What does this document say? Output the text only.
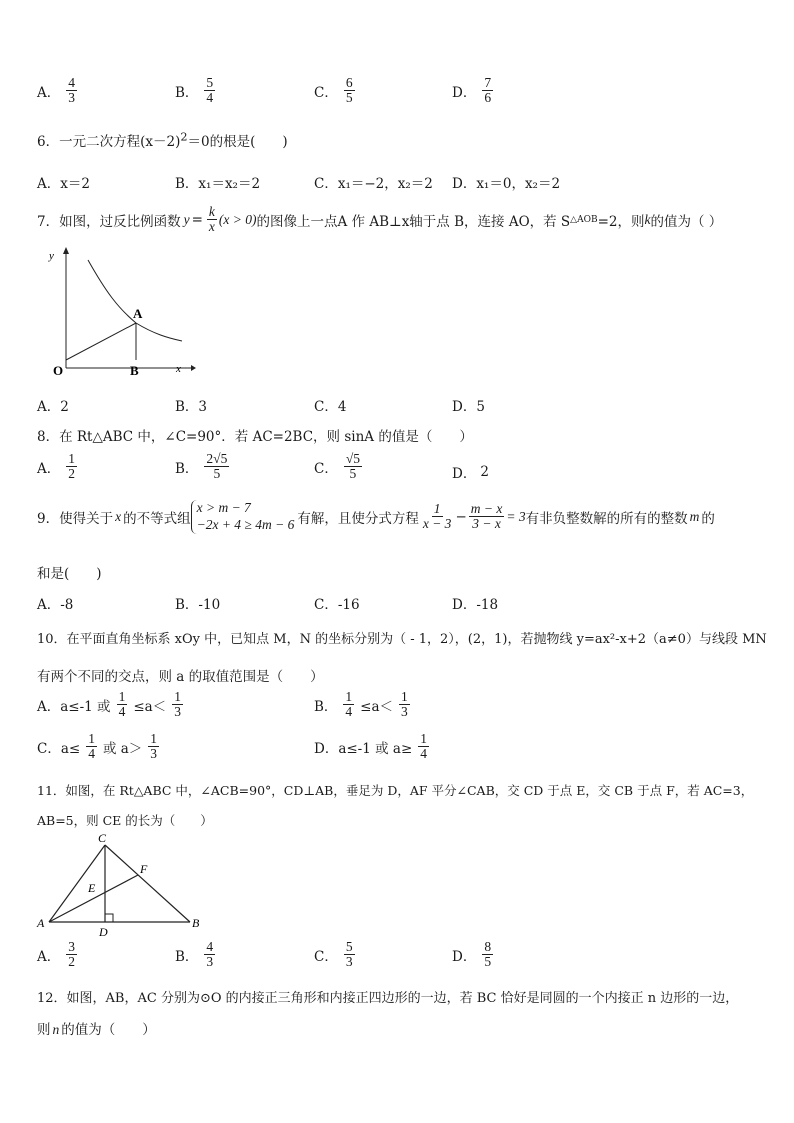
A． $\frac{4}{3}$	B． $\frac{5}{4}$	C． $\frac{6}{5}$	D． $\frac{7}{6}$
6．一元二次方程$(x-2)^2=0$的根是(　　)
A．x＝2	B．x₁＝x₂＝2	C．x₁＝−2，x₂＝2 D．x₁＝0，x₂＝2
7．如图，过反比例函数 $y = \frac{k}{x} (x > 0)$ 的图像上一点A 作 AB⊥x轴于点 B，连接 AO，若 S △AOB =2，则 k 的值为（ ）
y
x
O
A
B
A．2	B．3	C．4	D．5
8．在 Rt△ABC 中，∠C=90°．若 AC=2BC，则 sinA 的值是（　　）
A． $\frac{1}{2}$	B． $\frac{2√5}{5}$	C． $\frac{√5}{5}$	D． 2
9．使得关于 x 的不等式组
x > m − 7
−2x + 4 ≥ 4m − 6 有解，且使分式方程 $\frac{1}{x - 3} - \frac{m - x}{3 - x} = 3$ 有非负整数解的所有的整数 m 的
和是(　　)
A．-8	B．-10	C．-16	D．-18
10．在平面直角坐标系 xOy 中，已知点 M，N 的坐标分别为（ - 1，2），(2，1)，若抛物线 y=ax²-x+2（a≠0）与线段 MN
有两个不同的交点，则 a 的取值范围是（　　）
A．a≤-1 或 $\frac{1}{4} \le a< \frac{1}{3}$	B． $\frac{1}{4} \le a< \frac{1}{3}$
C．$a\le \frac{1}{4}$ 或 $a> \frac{1}{3}$	D．a≤-1 或 $a\ge \frac{1}{4}$
11．如图，在 Rt△ABC 中，∠ACB=90°，CD⊥AB，垂足为 D，AF 平分∠CAB，交 CD 于点 E，交 CB 于点 F，若 AC=3，
AB=5，则 CE 的长为（　　）
C
F
E
A
D
B
A． $\frac{3}{2}$	B． $\frac{4}{3}$	C． $\frac{5}{3}$	D． $\frac{8}{5}$
12．如图，AB，AC 分别为⊙O 的内接正三角形和内接正四边形的一边，若 BC 恰好是同圆的一个内接正 n 边形的一边，
则 n 的值为（　　）
